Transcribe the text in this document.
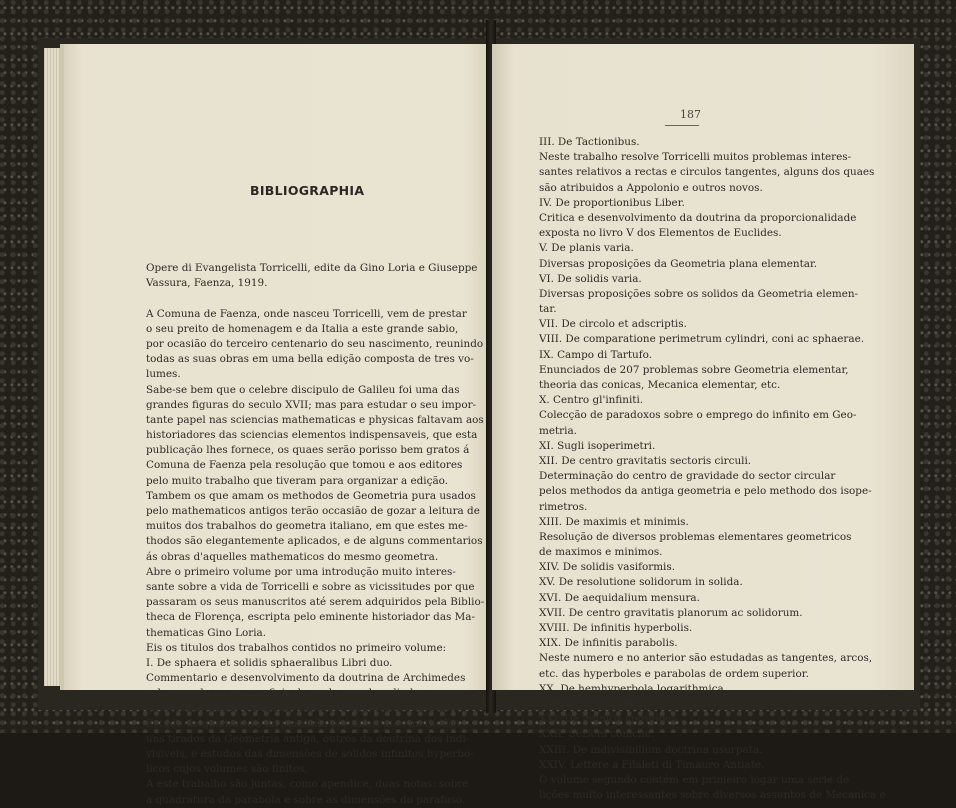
Opere di Evangelista Torricelli, edite da Gino Loria e Giuseppe
Vassura, Faenza, 1919.
A Comuna de Faenza, onde nasceu Torricelli, vem de prestar
o seu preito de homenagem e da Italia a este grande sabio,
por ocasião do terceiro centenario do seu nascimento, reunindo
todas as suas obras em uma bella edição composta de tres vo-
lumes.
Sabe-se bem que o celebre discipulo de Galileu foi uma das
grandes figuras do seculo XVII; mas para estudar o seu impor-
tante papel nas sciencias mathematicas e physicas faltavam aos
historiadores das sciencias elementos indispensaveis, que esta
publicação lhes fornece, os quaes serão porisso bem gratos á
Comuna de Faenza pela resolução que tomou e aos editores
pelo muito trabalho que tiveram para organizar a edição.
Tambem os que amam os methodos de Geometria pura usados
pelo mathematicos antigos terão occasião de gozar a leitura de
muitos dos trabalhos do geometra italiano, em que estes me-
thodos são elegantemente aplicados, e de alguns commentarios
ás obras d'aquelles mathematicos do mesmo geometra.
Abre o primeiro volume por uma introdução muito interes-
sante sobre a vida de Torricelli e sobre as vicissitudes por que
passaram os seus manuscritos até serem adquiridos pela Biblio-
theca de Florença, escripta pelo eminente historiador das Ma-
thematicas Gino Loria.
Eis os titulos dos trabalhos contidos no primeiro volume:
I. De sphaera et solidis sphaeralibus Libri duo.
Commentario e desenvolvimento da doutrina de Archimedes
sobre o volume e superficie da esphera e do cylindro.
II. De dimensione parabolae solidique hyperbolici libri duo.
Estudo da quadratura da parabola por diferentes methodos,
uns tirados da Geometria antiga, outros da doutrina dos indi-
visiveis, e estudos das dimensões de solidos infinitos hyperbo-
licos cujos volumes são finitos.
A este trabalho são juntas, como apendice, duas notas: sobre
a quadratura da parabola e sobre as dimensões do parafuso.
III. De Tactionibus.
Neste trabalho resolve Torricelli muitos problemas interes-
santes relativos a rectas e circulos tangentes, alguns dos quaes
são atribuidos a Appolonio e outros novos.
IV. De proportionibus Liber.
Critica e desenvolvimento da doutrina da proporcionalidade
exposta no livro V dos Elementos de Euclides.
V. De planis varia.
Diversas proposições da Geometria plana elementar.
VI. De solidis varia.
Diversas proposições sobre os solidos da Geometria elemen-
tar.
VII. De circolo et adscriptis.
VIII. De comparatione perimetrum cylindri, coni ac sphaerae.
IX. Campo di Tartufo.
Enunciados de 207 problemas sobre Geometria elementar,
theoria das conicas, Mecanica elementar, etc.
X. Centro gl'infiniti.
Colecção de paradoxos sobre o emprego do infinito em Geo-
metria.
XI. Sugli isoperimetri.
XII. De centro gravitatis sectoris circuli.
Determinação do centro de gravidade do sector circular
pelos methodos da antiga geometria e pelo methodo dos isope-
rimetros.
XIII. De maximis et minimis.
Resolução de diversos problemas elementares geometricos
de maximos e minimos.
XIV. De solidis vasiformis.
XV. De resolutione solidorum in solida.
XVI. De aequidalium mensura.
XVII. De centro gravitatis planorum ac solidorum.
XVIII. De infinitis hyperbolis.
XIX. De infinitis parabolis.
Neste numero e no anterior são estudadas as tangentes, arcos,
etc. das hyperboles e parabolas de ordem superior.
XX. De hemhyperbola logarithmica.
Estudo da logarithmica.
XXI. De infinitis spiralibus.
XXII. Sezioni coniche.
XXIII. De indivisibilium doctrina usurpata.
XXIV. Lettere a Filaleti di Timauro Antiate.
O volume segundo contém em primeiro logar uma serie de
lições muito interessantes sobre diversos assuntos de Mecanica e
BIBLIOGRAPHIA
187
